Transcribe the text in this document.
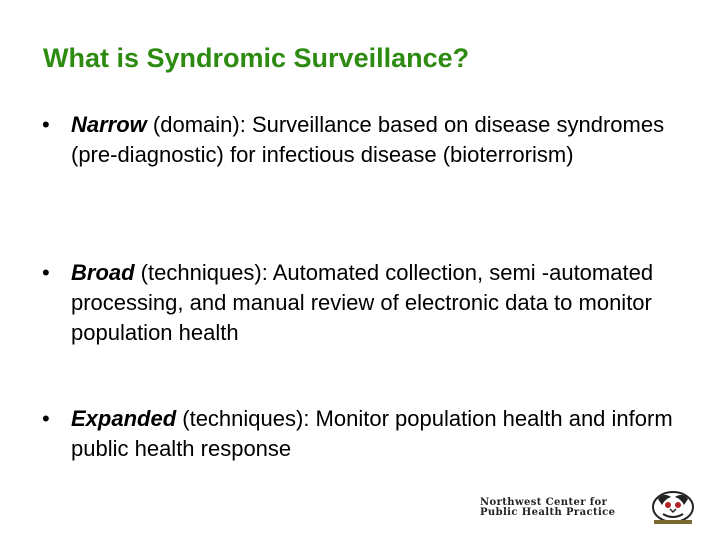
What is Syndromic Surveillance?
• Narrow (domain): Surveillance based on disease syndromes (pre-diagnostic) for infectious disease (bioterrorism)
• Broad (techniques): Automated collection, semi -automated processing, and manual review of electronic data to monitor population health
• Expanded (techniques): Monitor population health and inform public health response
Northwest Center for
Public Health Practice
